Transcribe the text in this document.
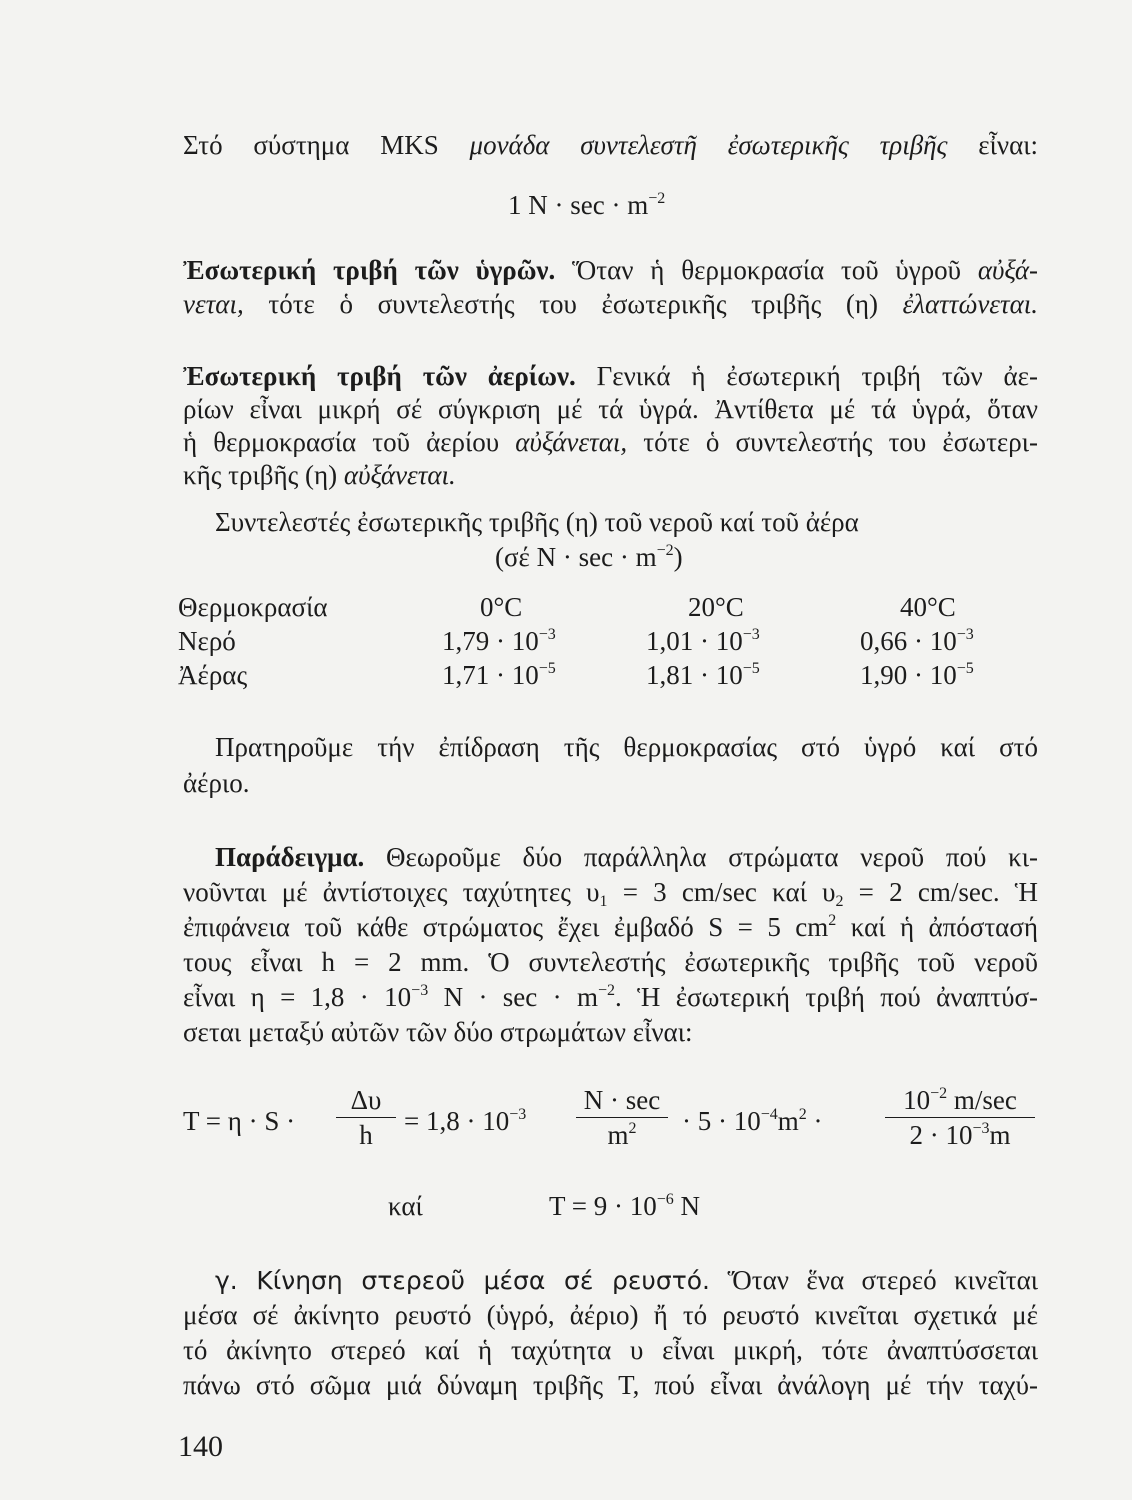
Στό σύστημα MKS μονάδα συντελεστῆ ἐσωτερικῆς τριβῆς εἶναι:
1 $N \cdot \sec \cdot m^{-2}$
Ἐσωτερική τριβή τῶν ὑγρῶν. Ὅταν ἡ θερμοκρασία τοῦ ὑγροῦ αὐξά-
νεται, τότε ὁ συντελεστής του ἐσωτερικῆς τριβῆς (η) ἐλαττώνεται.
Ἐσωτερική τριβή τῶν ἀερίων. Γενικά ἡ ἐσωτερική τριβή τῶν ἀε-
ρίων εἶναι μικρή σέ σύγκριση μέ τά ὑγρά. Ἀντίθετα μέ τά ὑγρά, ὅταν
ἡ θερμοκρασία τοῦ ἀερίου αὐξάνεται, τότε ὁ συντελεστής του ἐσωτερι-
κῆς τριβῆς (η) αὐξάνεται.
Συντελεστές ἐσωτερικῆς τριβῆς (η) τοῦ νεροῦ καί τοῦ ἀέρα
(σέ $N \cdot \sec \cdot m^{-2}$)
Θερμοκρασία	0°C	20°C	40°C
Νερό	$1,79 \cdot 10^{-3}$	$1,01 \cdot 10^{-3}$	$0,66 \cdot 10^{-3}$
Ἀέρας	$1,71 \cdot 10^{-5}$	$1,81 \cdot 10^{-5}$	$1,90 \cdot 10^{-5}$
Πρατηροῦμε τήν ἐπίδραση τῆς θερμοκρασίας στό ὑγρό καί στό
ἀέριο.
Παράδειγμα. Θεωροῦμε δύο παράλληλα στρώματα νεροῦ πού κι-
νοῦνται μέ ἀντίστοιχες ταχύτητες $\upsilon_1 = 3$ cm/sec καί $\upsilon_2 = 2$ cm/sec. Ἡ
ἐπιφάνεια τοῦ κάθε στρώματος ἔχει ἐμβαδό S = 5 $cm^2$ καί ἡ ἀπόστασή
τους εἶναι h = 2 mm. Ὁ συντελεστής ἐσωτερικῆς τριβῆς τοῦ νεροῦ
εἶναι $\eta = 1,8 \cdot 10^{-3}$ $N \cdot \sec \cdot m^{-2}$. Ἡ ἐσωτερική τριβή πού ἀναπτύσ-
σεται μεταξύ αὐτῶν τῶν δύο στρωμάτων εἶναι:
T = η · S ·
Δυ
h	= $1,8 \cdot 10^{-3}$ N · sec
$m^2$	· $5 \cdot 10^{-4}m^2$ ·
$10^{-2}$ m/sec
$2 \cdot 10^{-3}m$
καί	$T = 9 \cdot 10^{-6}$ N
γ. Κίνηση στερεοῦ μέσα σέ ρευστό. Ὅταν ἕνα στερεό κινεῖται
μέσα σέ ἀκίνητο ρευστό (ὑγρό, ἀέριο) ἤ τό ρευστό κινεῖται σχετικά μέ
τό ἀκίνητο στερεό καί ἡ ταχύτητα υ εἶναι μικρή, τότε ἀναπτύσσεται
πάνω στό σῶμα μιά δύναμη τριβῆς T, πού εἶναι ἀνάλογη μέ τήν ταχύ-
140
